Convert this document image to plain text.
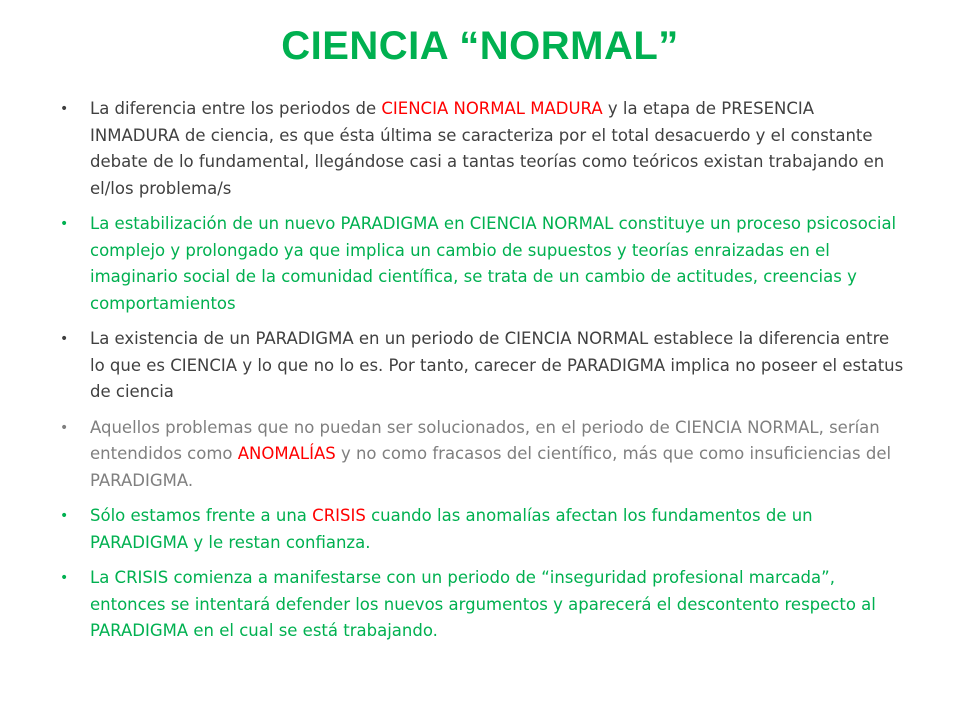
CIENCIA “NORMAL”
• La diferencia entre los periodos de CIENCIA NORMAL MADURA y la etapa de PRESENCIA INMADURA de ciencia, es que ésta última se caracteriza por el total desacuerdo y el constante debate de lo fundamental, llegándose casi a tantas teorías como teóricos existan trabajando en el/los problema/s
• La estabilización de un nuevo PARADIGMA en CIENCIA NORMAL constituye un proceso psicosocial complejo y prolongado ya que implica un cambio de supuestos y teorías enraizadas en el imaginario social de la comunidad científica, se trata de un cambio de actitudes, creencias y comportamientos
• La existencia de un PARADIGMA en un periodo de CIENCIA NORMAL establece la diferencia entre lo que es CIENCIA y lo que no lo es. Por tanto, carecer de PARADIGMA implica no poseer el estatus de ciencia
• Aquellos problemas que no puedan ser solucionados, en el periodo de CIENCIA NORMAL, serían entendidos como ANOMALÍAS y no como fracasos del científico, más que como insuficiencias del PARADIGMA.
• Sólo estamos frente a una CRISIS cuando las anomalías afectan los fundamentos de un PARADIGMA y le restan confianza.
• La CRISIS comienza a manifestarse con un periodo de “inseguridad profesional marcada”, entonces se intentará defender los nuevos argumentos y aparecerá el descontento respecto al PARADIGMA en el cual se está trabajando.
